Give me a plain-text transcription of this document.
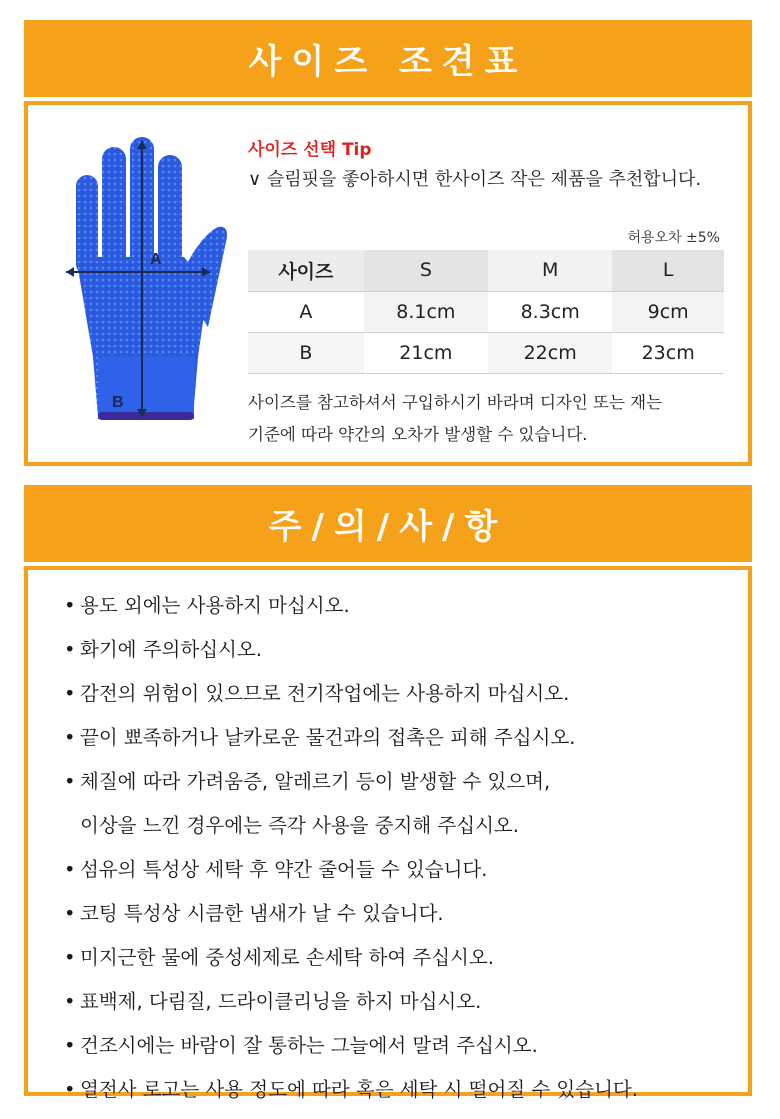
사이즈 조견표
A
B
사이즈 선택 Tip
∨ 슬림핏을 좋아하시면 한사이즈 작은 제품을 추천합니다.
허용오차 ±5%
사이즈	S	M	L
A	8.1cm	8.3cm	9cm
B	21cm	22cm	23cm
사이즈를 참고하셔서 구입하시기 바라며 디자인 또는 재는
기준에 따라 약간의 오차가 발생할 수 있습니다.
주/의/사/항
• 용도 외에는 사용하지 마십시오.
• 화기에 주의하십시오.
• 감전의 위험이 있으므로 전기작업에는 사용하지 마십시오.
• 끝이 뾰족하거나 날카로운 물건과의 접촉은 피해 주십시오.
• 체질에 따라 가려움증, 알레르기 등이 발생할 수 있으며,
이상을 느낀 경우에는 즉각 사용을 중지해 주십시오.
• 섬유의 특성상 세탁 후 약간 줄어들 수 있습니다.
• 코팅 특성상 시큼한 냄새가 날 수 있습니다.
• 미지근한 물에 중성세제로 손세탁 하여 주십시오.
• 표백제, 다림질, 드라이클리닝을 하지 마십시오.
• 건조시에는 바람이 잘 통하는 그늘에서 말려 주십시오.
• 열전사 로고는 사용 정도에 따라 혹은 세탁 시 떨어질 수 있습니다.
